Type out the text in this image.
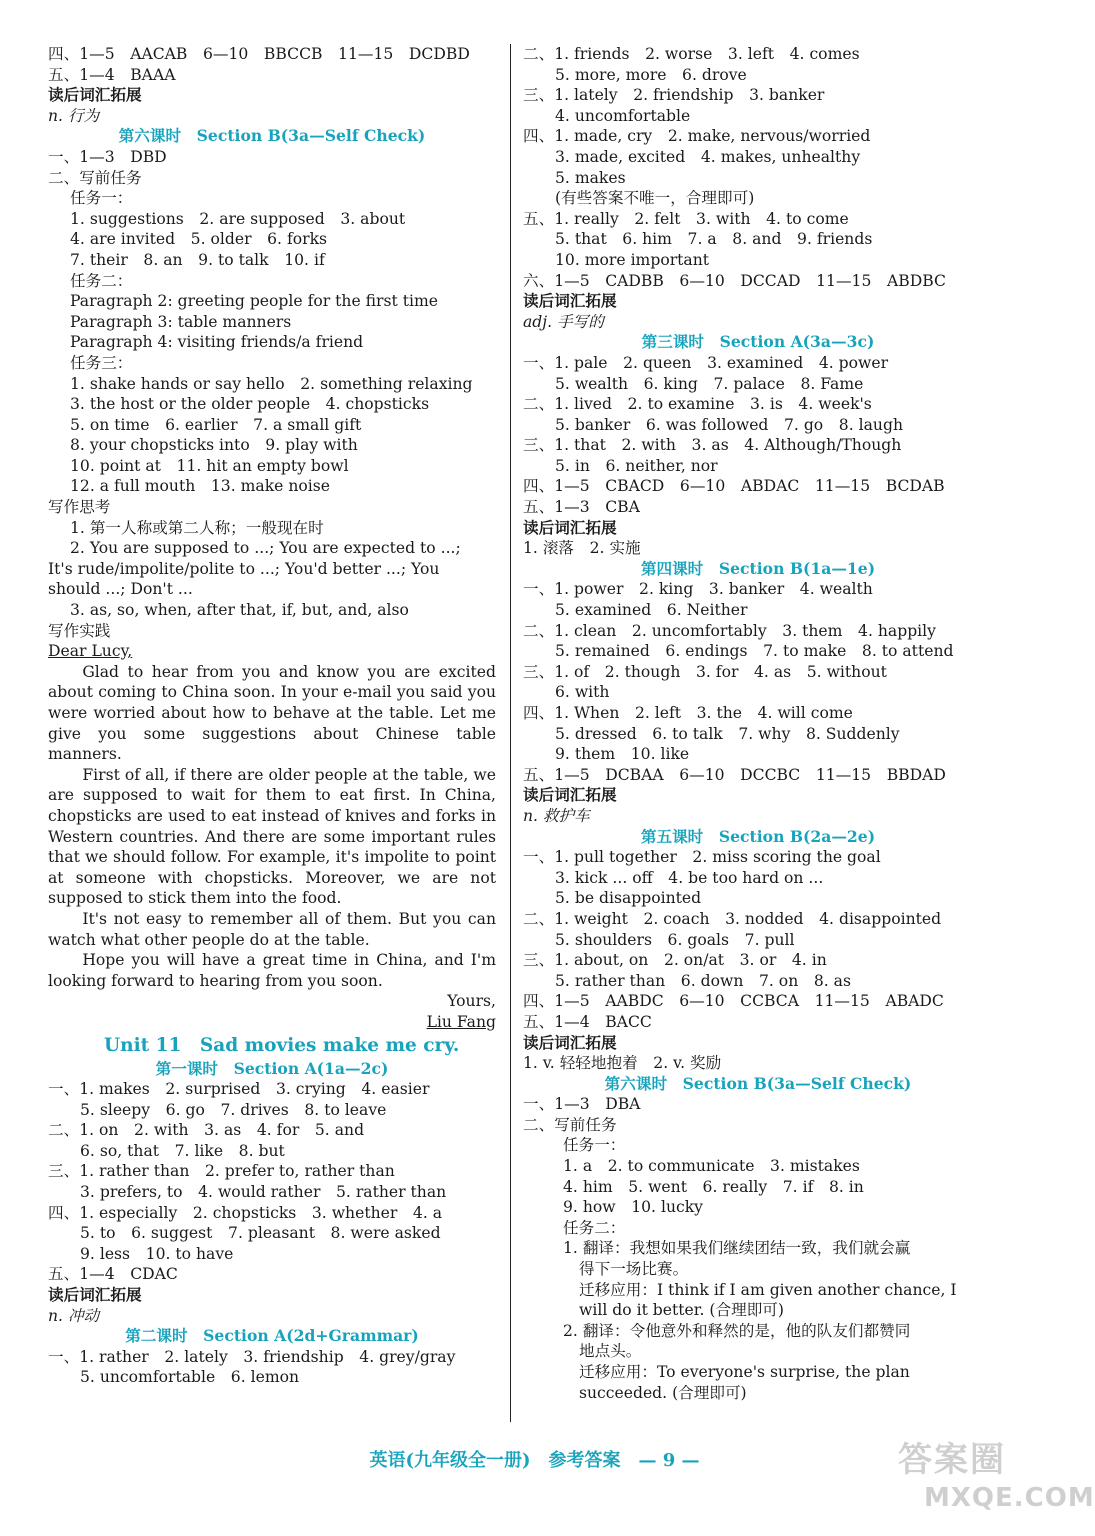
四、1—5　AACAB　6—10　BBCCB　11—15　DCDBD
五、1—4　BAAA
读后词汇拓展
n. 行为
第六课时　Section B(3a—Self Check)
一、1—3　DBD
二、写前任务
任务一：
1. suggestions　2. are supposed　3. about
4. are invited　5. older　6. forks
7. their　8. an　9. to talk　10. if
任务二：
Paragraph 2: greeting people for the first time
Paragraph 3: table manners
Paragraph 4: visiting friends/a friend
任务三：
1. shake hands or say hello　2. something relaxing
3. the host or the older people　4. chopsticks
5. on time　6. earlier　7. a small gift
8. your chopsticks into　9. play with
10. point at　11. hit an empty bowl
12. a full mouth　13. make noise
写作思考
1. 第一人称或第二人称；一般现在时
2. You are supposed to ...; You are expected to ...;
It's rude/impolite/polite to ...; You'd better ...; You
should ...; Don't ...
3. as, so, when, after that, if, but, and, also
写作实践
Dear Lucy,
Glad to hear from you and know you are excited about coming to China soon. In your e-mail you said you were worried about how to behave at the table. Let me give you some suggestions about Chinese table manners.
First of all, if there are older people at the table, we are supposed to wait for them to eat first. In China, chopsticks are used to eat instead of knives and forks in Western countries. And there are some important rules that we should follow. For example, it's impolite to point at someone with chopsticks. Moreover, we are not supposed to stick them into the food.
It's not easy to remember all of them. But you can watch what other people do at the table.
Hope you will have a great time in China, and I'm looking forward to hearing from you soon.
Yours,
Liu Fang
Unit 11　Sad movies make me cry.
第一课时　Section A(1a—2c)
一、1. makes　2. surprised　3. crying　4. easier
5. sleepy　6. go　7. drives　8. to leave
二、1. on　2. with　3. as　4. for　5. and
6. so, that　7. like　8. but
三、1. rather than　2. prefer to, rather than
3. prefers, to　4. would rather　5. rather than
四、1. especially　2. chopsticks　3. whether　4. a
5. to　6. suggest　7. pleasant　8. were asked
9. less　10. to have
五、1—4　CDAC
读后词汇拓展
n. 冲动
第二课时　Section A(2d+Grammar)
一、1. rather　2. lately　3. friendship　4. grey/gray
5. uncomfortable　6. lemon
二、1. friends　2. worse　3. left　4. comes
5. more, more　6. drove
三、1. lately　2. friendship　3. banker
4. uncomfortable
四、1. made, cry　2. make, nervous/worried
3. made, excited　4. makes, unhealthy
5. makes
(有些答案不唯一，合理即可)
五、1. really　2. felt　3. with　4. to come
5. that　6. him　7. a　8. and　9. friends
10. more important
六、1—5　CADBB　6—10　DCCAD　11—15　ABDBC
读后词汇拓展
adj. 手写的
第三课时　Section A(3a—3c)
一、1. pale　2. queen　3. examined　4. power
5. wealth　6. king　7. palace　8. Fame
二、1. lived　2. to examine　3. is　4. week's
5. banker　6. was followed　7. go　8. laugh
三、1. that　2. with　3. as　4. Although/Though
5. in　6. neither, nor
四、1—5　CBACD　6—10　ABDAC　11—15　BCDAB
五、1—3　CBA
读后词汇拓展
1. 滚落　2. 实施
第四课时　Section B(1a—1e)
一、1. power　2. king　3. banker　4. wealth
5. examined　6. Neither
二、1. clean　2. uncomfortably　3. them　4. happily
5. remained　6. endings　7. to make　8. to attend
三、1. of　2. though　3. for　4. as　5. without
6. with
四、1. When　2. left　3. the　4. will come
5. dressed　6. to talk　7. why　8. Suddenly
9. them　10. like
五、1—5　DCBAA　6—10　DCCBC　11—15　BBDAD
读后词汇拓展
n. 救护车
第五课时　Section B(2a—2e)
一、1. pull together　2. miss scoring the goal
3. kick ... off　4. be too hard on ...
5. be disappointed
二、1. weight　2. coach　3. nodded　4. disappointed
5. shoulders　6. goals　7. pull
三、1. about, on　2. on/at　3. or　4. in
5. rather than　6. down　7. on　8. as
四、1—5　AABDC　6—10　CCBCA　11—15　ABADC
五、1—4　BACC
读后词汇拓展
1. v. 轻轻地抱着　2. v. 奖励
第六课时　Section B(3a—Self Check)
一、1—3　DBA
二、写前任务
任务一：
1. a　2. to communicate　3. mistakes
4. him　5. went　6. really　7. if　8. in
9. how　10. lucky
任务二：
1. 翻译：我想如果我们继续团结一致，我们就会赢
得下一场比赛。
迁移应用：I think if I am given another chance, I
will do it better. (合理即可)
2. 翻译：令他意外和释然的是，他的队友们都赞同
地点头。
迁移应用：To everyone's surprise, the plan
succeeded. (合理即可)
英语(九年级全一册)　参考答案　— 9 —	答案圈
MXQE.COM
